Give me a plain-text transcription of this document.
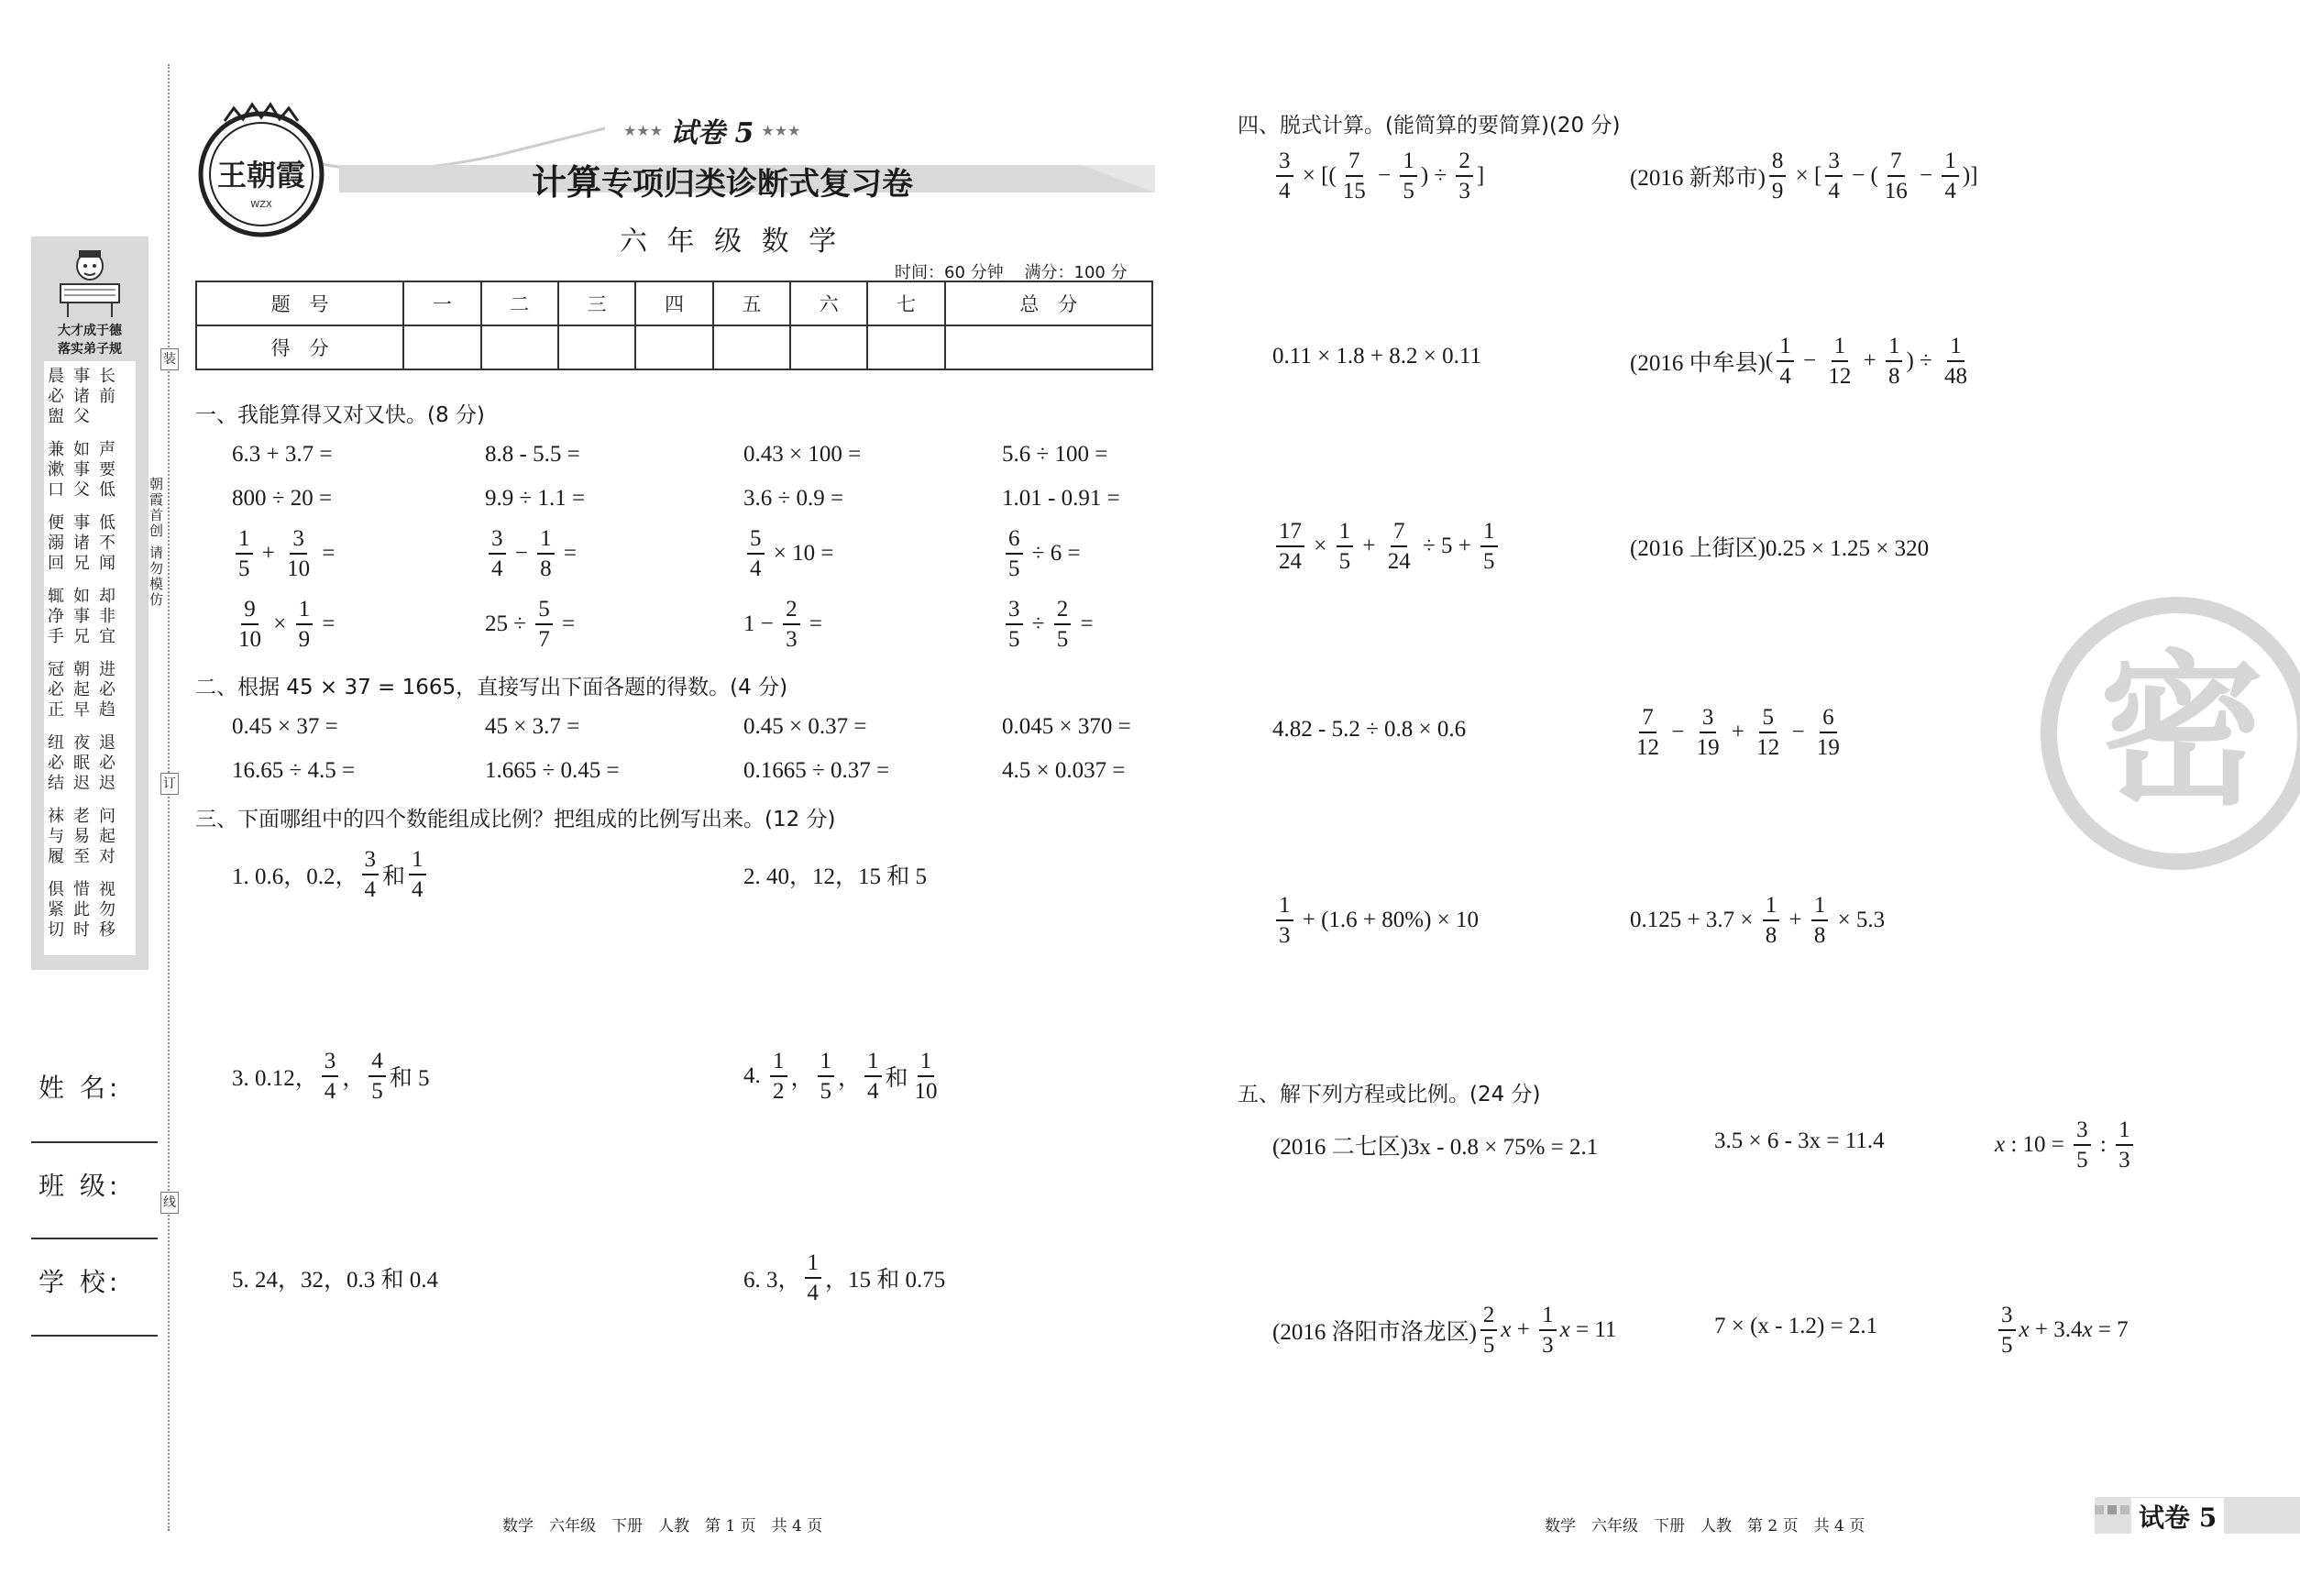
大才成于德
落实弟子规
晨必盥
事诸父
长前
兼漱口
如事父
声要低
便溺回
事诸兄
低不闻
辄净手
如事兄
却非宜
冠必正
朝起早
进必趋
纽必结
夜眠迟
退必迟
袜与履
老易至
问起对
俱紧切
惜此时
视勿移
朝霞首创 请勿模仿
装
订
线
姓 名:
班 级:
学 校:
王朝霞
WZX
★★★ 试卷 5 ★★★
计算专项归类诊断式复习卷
六 年 级 数 学
时间：60 分钟 满分：100 分
题　号	一	二	三	四	五	六	七	总　分
得　分								
一、我能算得又对又快。(8 分)
6.3 + 3.7 =	8.8 - 5.5 =	0.43 × 100 =	5.6 ÷ 100 =
800 ÷ 20 =	9.9 ÷ 1.1 =	3.6 ÷ 0.9 =	1.01 - 0.91 =
$\frac{1}{5} + \frac{3}{10}$ =	$\frac{3}{4} - \frac{1}{8}$ =	$\frac{5}{4} \times 10$ =	$\frac{6}{5} \div 6$ =
$\frac{9}{10} \times \frac{1}{9}$ =	$25 \div \frac{5}{7}$ =	$1 - \frac{2}{3}$ =	$\frac{3}{5} \div \frac{2}{5}$ =
二、根据 45 × 37 = 1665，直接写出下面各题的得数。(4 分)
0.45 × 37 =	45 × 3.7 =	0.45 × 0.37 =	0.045 × 370 =
16.65 ÷ 4.5 =	1.665 ÷ 0.45 =	0.1665 ÷ 0.37 =	4.5 × 0.037 =
三、下面哪组中的四个数能组成比例？把组成的比例写出来。(12 分)
1. 0.6，0.2， $\frac{3}{4}$ 和 $\frac{1}{4}$	2. 40，12，15 和 5
3. 0.12， $\frac{3}{4}$ ， $\frac{4}{5}$ 和 5	4. $\frac{1}{2}$ ， $\frac{1}{5}$ ， $\frac{1}{4}$ 和 $\frac{1}{10}$
5. 24，32，0.3 和 0.4	6. 3， $\frac{1}{4}$ ，15 和 0.75
四、脱式计算。(能简算的要简算)(20 分)
$\frac{3}{4}$ × [( $\frac{7}{15} - \frac{1}{5}$ ) ÷ $\frac{2}{3}$ ]	(2016 新郑市) $\frac{8}{9}$ × [ $\frac{3}{4}$ − ( $\frac{7}{16} - \frac{1}{4}$ )]
0.11 × 1.8 + 8.2 × 0.11	(2016 中牟县) ( $\frac{1}{4} - \frac{1}{12} + \frac{1}{8}$ ) ÷ $\frac{1}{48}$
$\frac{17}{24} \times \frac{1}{5} + \frac{7}{24} \div 5 + \frac{1}{5}$	(2016 上街区)0.25 × 1.25 × 320
4.82 - 5.2 ÷ 0.8 × 0.6	$\frac{7}{12} - \frac{3}{19} + \frac{5}{12} - \frac{6}{19}$
$\frac{1}{3} + (1.6 + 80\%) \times 10$	$0.125 + 3.7 \times \frac{1}{8} + \frac{1}{8} \times 5.3$
五、解下列方程或比例。(24 分)
(2016 二七区)3x - 0.8 × 75% = 2.1	3.5 × 6 - 3x = 11.4	x : $10 = \frac{3}{5}$ : $\frac{1}{3}$
(2016 洛阳市洛龙区) $\frac{2}{5}$ $x + \frac{1}{3}$ x = 11	7 × (x - 1.2) = 2.1	$\frac{3}{5}$ x + 3.4x = 7
密
数学　六年级　下册　人教　第 1 页　共 4 页	数学　六年级　下册　人教　第 2 页　共 4 页	试卷 5
